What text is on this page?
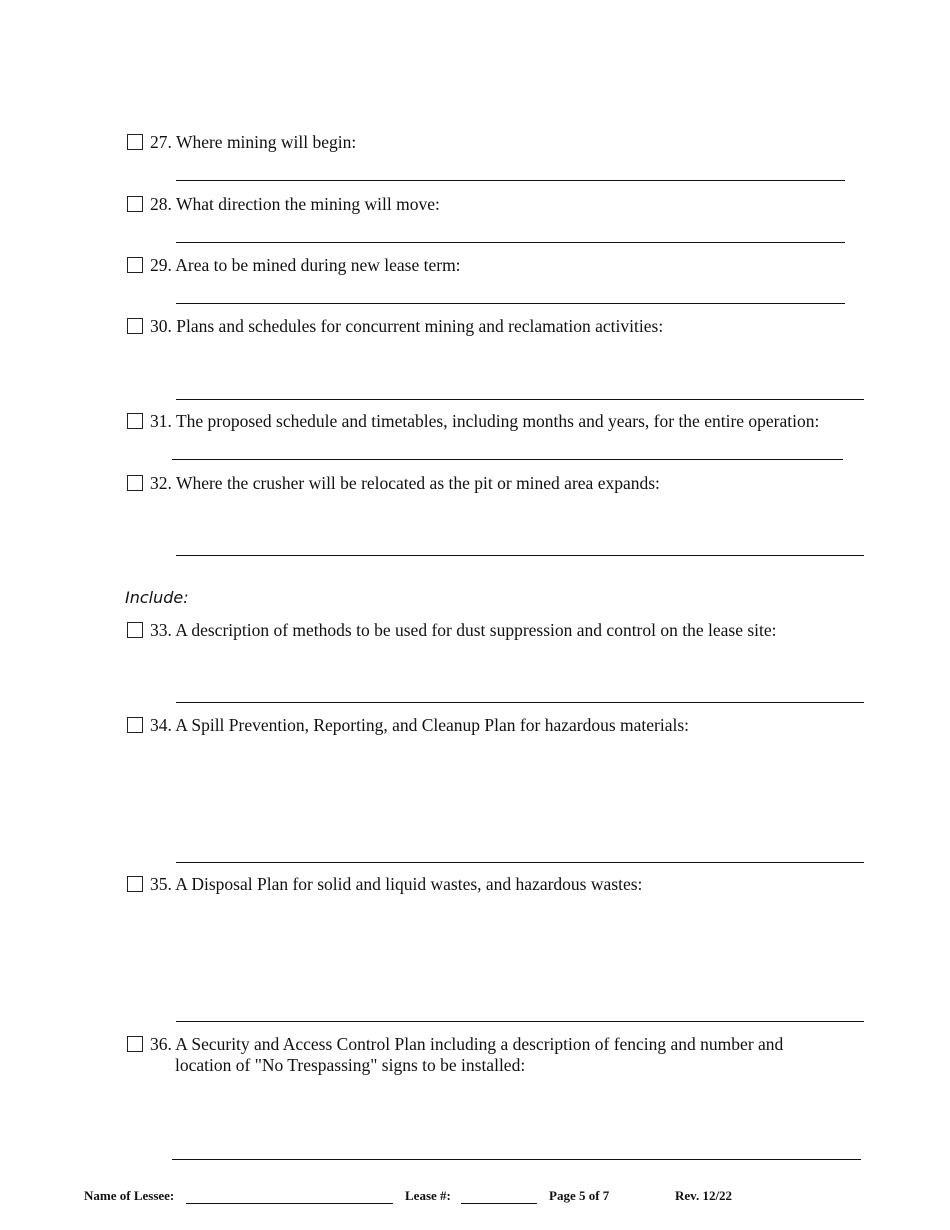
27. Where mining will begin:
28. What direction the mining will move:
29. Area to be mined during new lease term:
30. Plans and schedules for concurrent mining and reclamation activities:
31. The proposed schedule and timetables, including months and years, for the entire operation:
32. Where the crusher will be relocated as the pit or mined area expands:
Include:
33. A description of methods to be used for dust suppression and control on the lease site:
34. A Spill Prevention, Reporting, and Cleanup Plan for hazardous materials:
35. A Disposal Plan for solid and liquid wastes, and hazardous wastes:
36. A Security and Access Control Plan including a description of fencing and number and
location of "No Trespassing" signs to be installed:
Name of Lessee:	Lease #:	Page 5 of 7	Rev. 12/22
